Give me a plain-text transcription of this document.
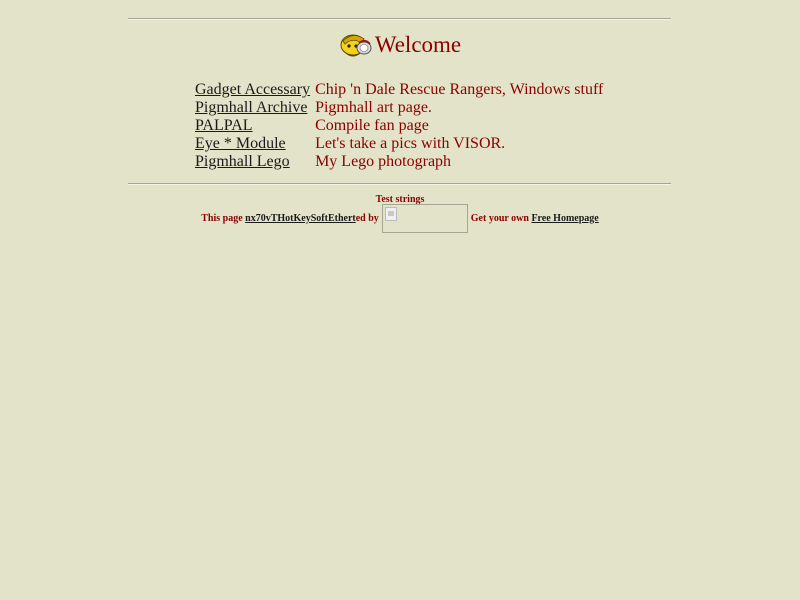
Welcome
Gadget Accessary	Chip 'n Dale Rescue Rangers, Windows stuff
Pigmhall Archive	Pigmhall art page.
PALPAL	Compile fan page
Eye * Module	Let's take a pics with VISOR.
Pigmhall Lego	My Lego photograph
Test strings
This page nx70vTHotKeySoftEthert ed by	Get your own Free Homepage
